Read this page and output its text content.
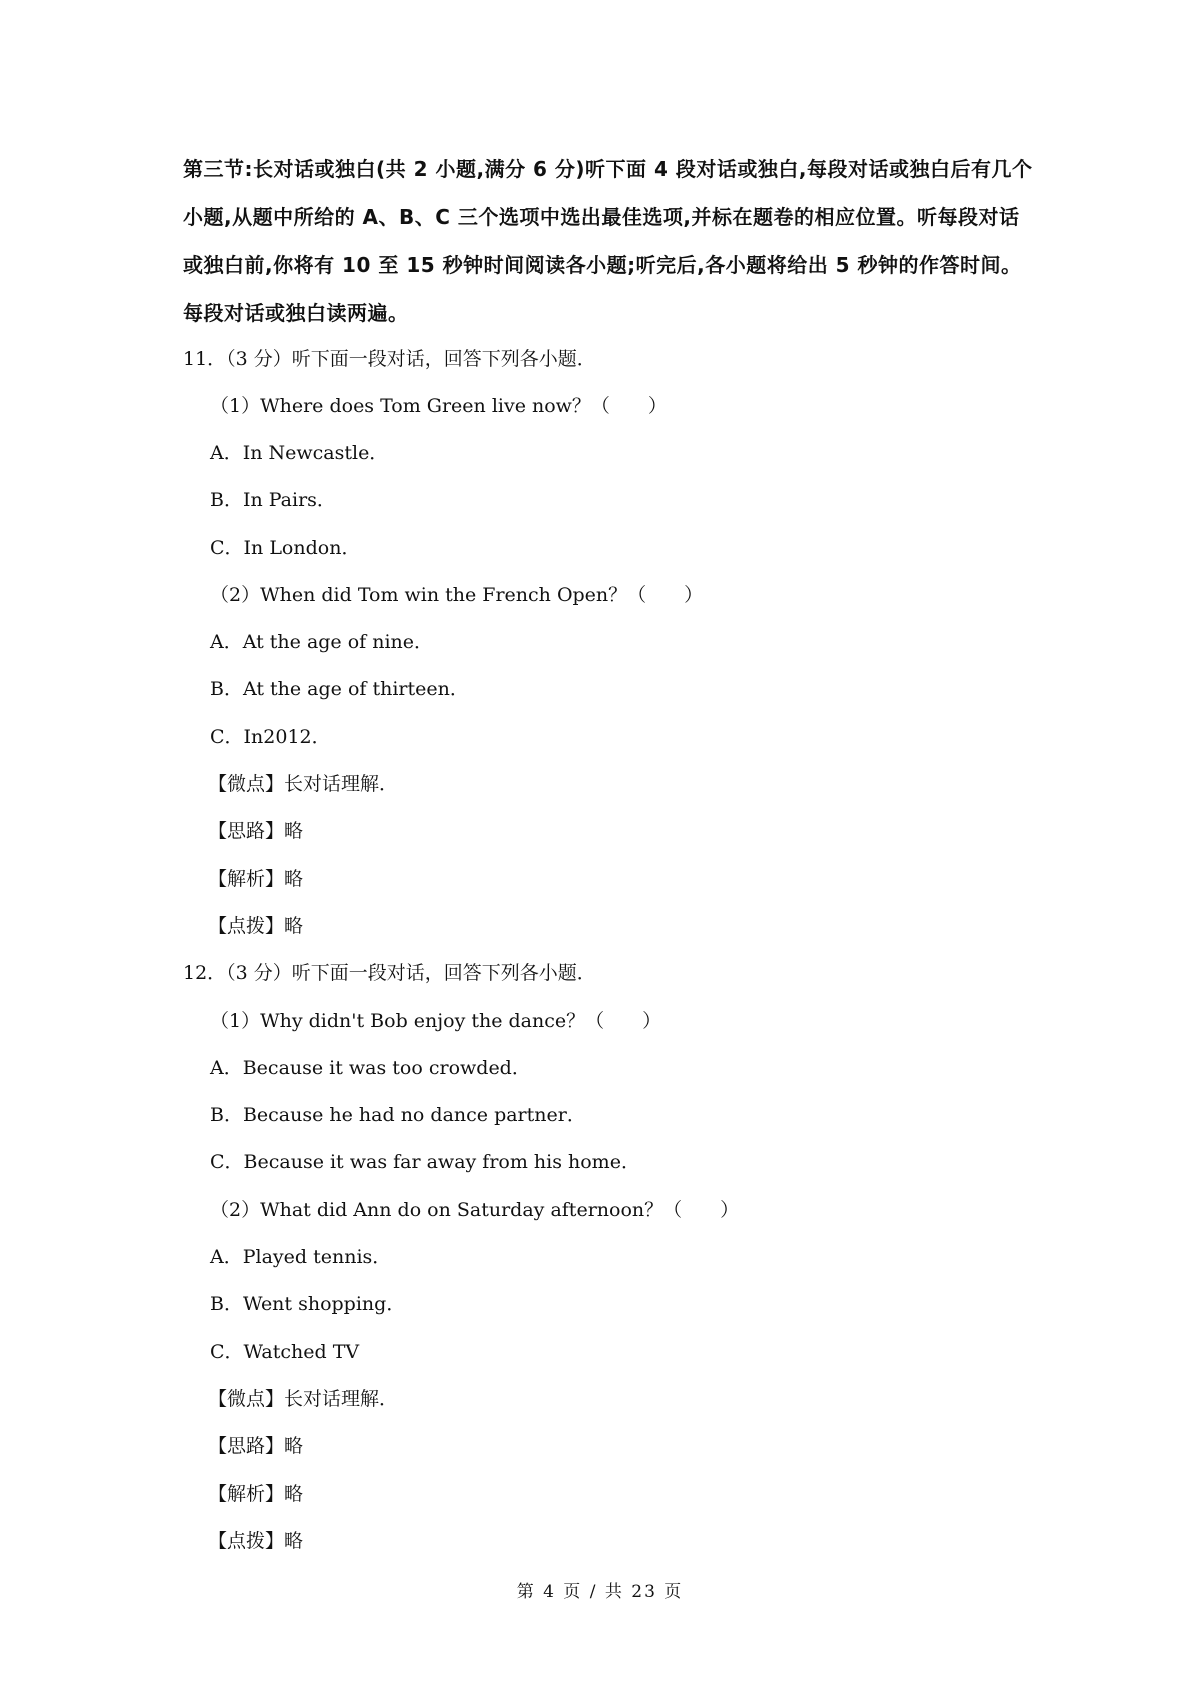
第三节:长对话或独白(共 2 小题,满分 6 分)听下面 4 段对话或独白,每段对话或独白后有几个小题,从题中所给的 A、B、C 三个选项中选出最佳选项,并标在题卷的相应位置。听每段对话或独白前,你将有 10 至 15 秒钟时间阅读各小题;听完后,各小题将给出 5 秒钟的作答时间。每段对话或独白读两遍。

11．（3 分）听下面一段对话，回答下列各小题．
（1）Where does Tom Green live now？（　　）
A．In Newcastle．
B．In Pairs．
C．In London．
（2）When did Tom win the French Open？（　　）
A．At the age of nine．
B．At the age of thirteen．
C．In2012．
【微点】长对话理解．
【思路】略
【解析】略
【点拨】略
12．（3 分）听下面一段对话，回答下列各小题．
（1）Why didn't Bob enjoy the dance？（　　）
A．Because it was too crowded．
B．Because he had no dance partner．
C．Because it was far away from his home．
（2）What did Ann do on Saturday afternoon？（　　）
A．Played tennis．
B．Went shopping．
C．Watched TV
【微点】长对话理解．
【思路】略
【解析】略
【点拨】略
第 4 页 / 共 23 页
